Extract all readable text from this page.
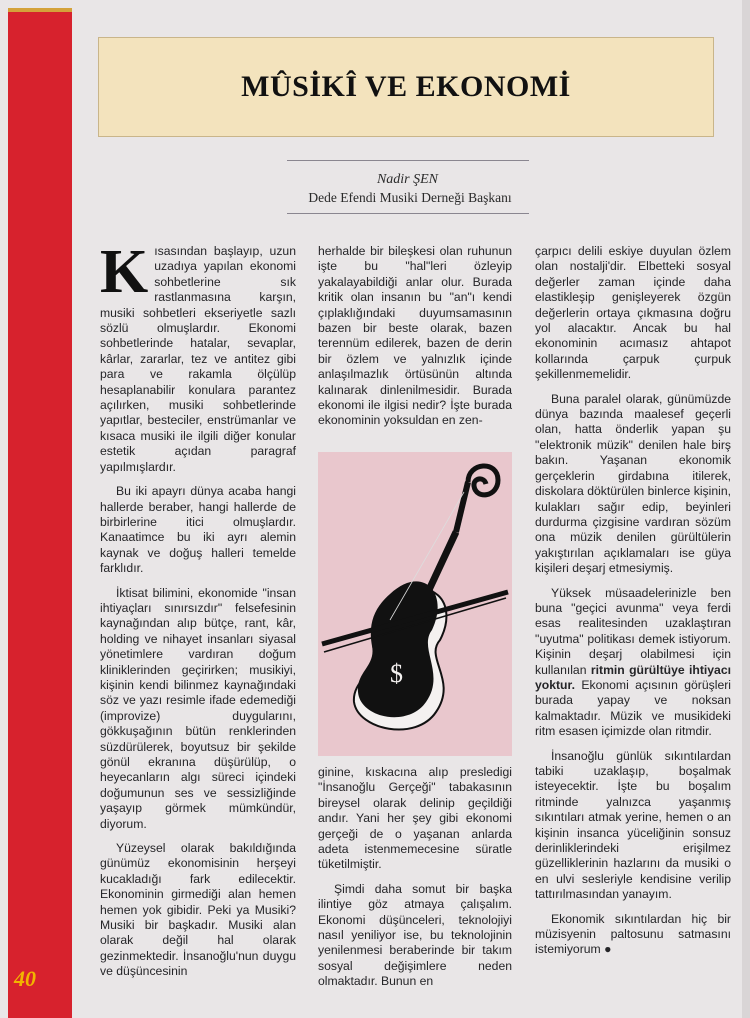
40
MÛSİKÎ VE EKONOMİ
Nadir ŞEN
Dede Efendi Musiki Derneği Başkanı

Kısasından başlayıp, uzun uzadıya yapılan ekonomi sohbetlerine sık rastlanmasına karşın, musiki sohbetleri ekseriyetle sazlı sözlü olmuşlardır. Ekonomi sohbetlerinde hatalar, sevaplar, kârlar, zararlar, tez ve antitez gibi para ve rakamla ölçülüp hesaplanabilir konulara parantez açılırken, musiki sohbetlerinde yapıtlar, besteciler, enstrümanlar ve kısaca musiki ile ilgili diğer konular estetik açıdan paragraf yapılmışlardır.

Bu iki apayrı dünya acaba hangi hallerde beraber, hangi hallerde de birbirlerine itici olmuşlardır. Kanaatimce bu iki ayrı alemin kaynak ve doğuş halleri temelde farklıdır.

İktisat bilimini, ekonomide "insan ihtiyaçları sınırsızdır" felsefesinin kaynağından alıp bütçe, rant, kâr, holding ve nihayet insanları siyasal yönetimlere vardıran doğum kliniklerinden geçirirken; musikiyi, kişinin kendi bilinmez kaynağındaki söz ve yazı resimle ifade edemediği (improvize) duygularını, gökkuşağının bütün renklerinden süzdürülerek, boyutsuz bir şekilde gönül ekranına düşürülüp, o heyecanların algı süreci içindeki doğumunun ses ve sessizliğinde yaşayıp görmek mümkündür, diyorum.

Yüzeysel olarak bakıldığında günümüz ekonomisinin herşeyi kucakladığı fark edilecektir. Ekonominin girmediği alan hemen hemen yok gibidir. Peki ya Musiki? Musiki bir başkadır. Musiki alan olarak değil hal olarak gezinmektedir. İnsanoğlu'nun duygu ve düşüncesinin

herhalde bir bileşkesi olan ruhunun işte bu "hal"leri özleyip yakalayabildiği anlar olur. Burada kritik olan insanın bu "an"ı kendi çıplaklığındaki duyumsamasının bazen bir beste olarak, bazen terennüm edilerek, bazen de derin bir özlem ve yalnızlık içinde anlaşılmazlık örtüsünün altında kalınarak dinlenilmesidir. Burada ekonomi ile ilgisi nedir? İşte burada ekonominin yoksuldan en zen-

$

ginine, kıskacına alıp presledigi "İnsanoğlu Gerçeği" tabakasının bireysel olarak delinip geçildiği andır. Yani her şey gibi ekonomi gerçeği de o yaşanan anlarda adeta istenmemecesine süratle tüketilmiştir.

Şimdi daha somut bir başka ilintiye göz atmaya çalışalım. Ekonomi düşünceleri, teknolojiyi nasıl yeniliyor ise, bu teknolojinin yenilenmesi beraberinde bir takım sosyal değişimlere neden olmaktadır. Bunun en

çarpıcı delili eskiye duyulan özlem olan nostalji'dir. Elbetteki sosyal değerler zaman içinde daha elastikleşip genişleyerek özgün değerlerin ortaya çıkmasına doğru yol alacaktır. Ancak bu hal ekonominin acımasız ahtapot kollarında çarpuk çurpuk şekillenmemelidir.

Buna paralel olarak, günümüzde dünya bazında maalesef geçerli olan, hatta önderlik yapan şu "elektronik müzik" denilen hale birş bakın. Yaşanan ekonomik gerçeklerin girdabına itilerek, diskolara döktürülen binlerce kişinin, kulakları sağır edip, beyinleri durdurma çizgisine vardıran sözüm ona müzik denilen gürültülerin yakıştırılan açıklamaları ise güya kişileri deşarj etmesiymiş.

Yüksek müsaadelerinizle ben buna "geçici avunma" veya ferdi esas realitesinden uzaklaştıran "uyutma" politikası demek istiyorum. Kişinin deşarj olabilmesi için kullanılan ritmin gürültüye ihtiyacı yoktur. Ekonomi açısının görüşleri burada yapay ve noksan kalmaktadır. Müzik ve musikideki ritm esasen içimizde olan ritmdir.

İnsanoğlu günlük sıkıntılardan tabiki uzaklaşıp, boşalmak isteyecektir. İşte bu boşalım ritminde yalnızca yaşanmış sıkıntıları atmak yerine, hemen o an kişinin insanca yüceliğinin sonsuz derinliklerindeki erişilmez güzelliklerinin hazlarını da musiki o en ulvi sesleriyle kendisine verilip tattırılmasından yanayım.

Ekonomik sıkıntılardan hiç bir müzisyenin paltosunu satmasını istemiyorum ●
